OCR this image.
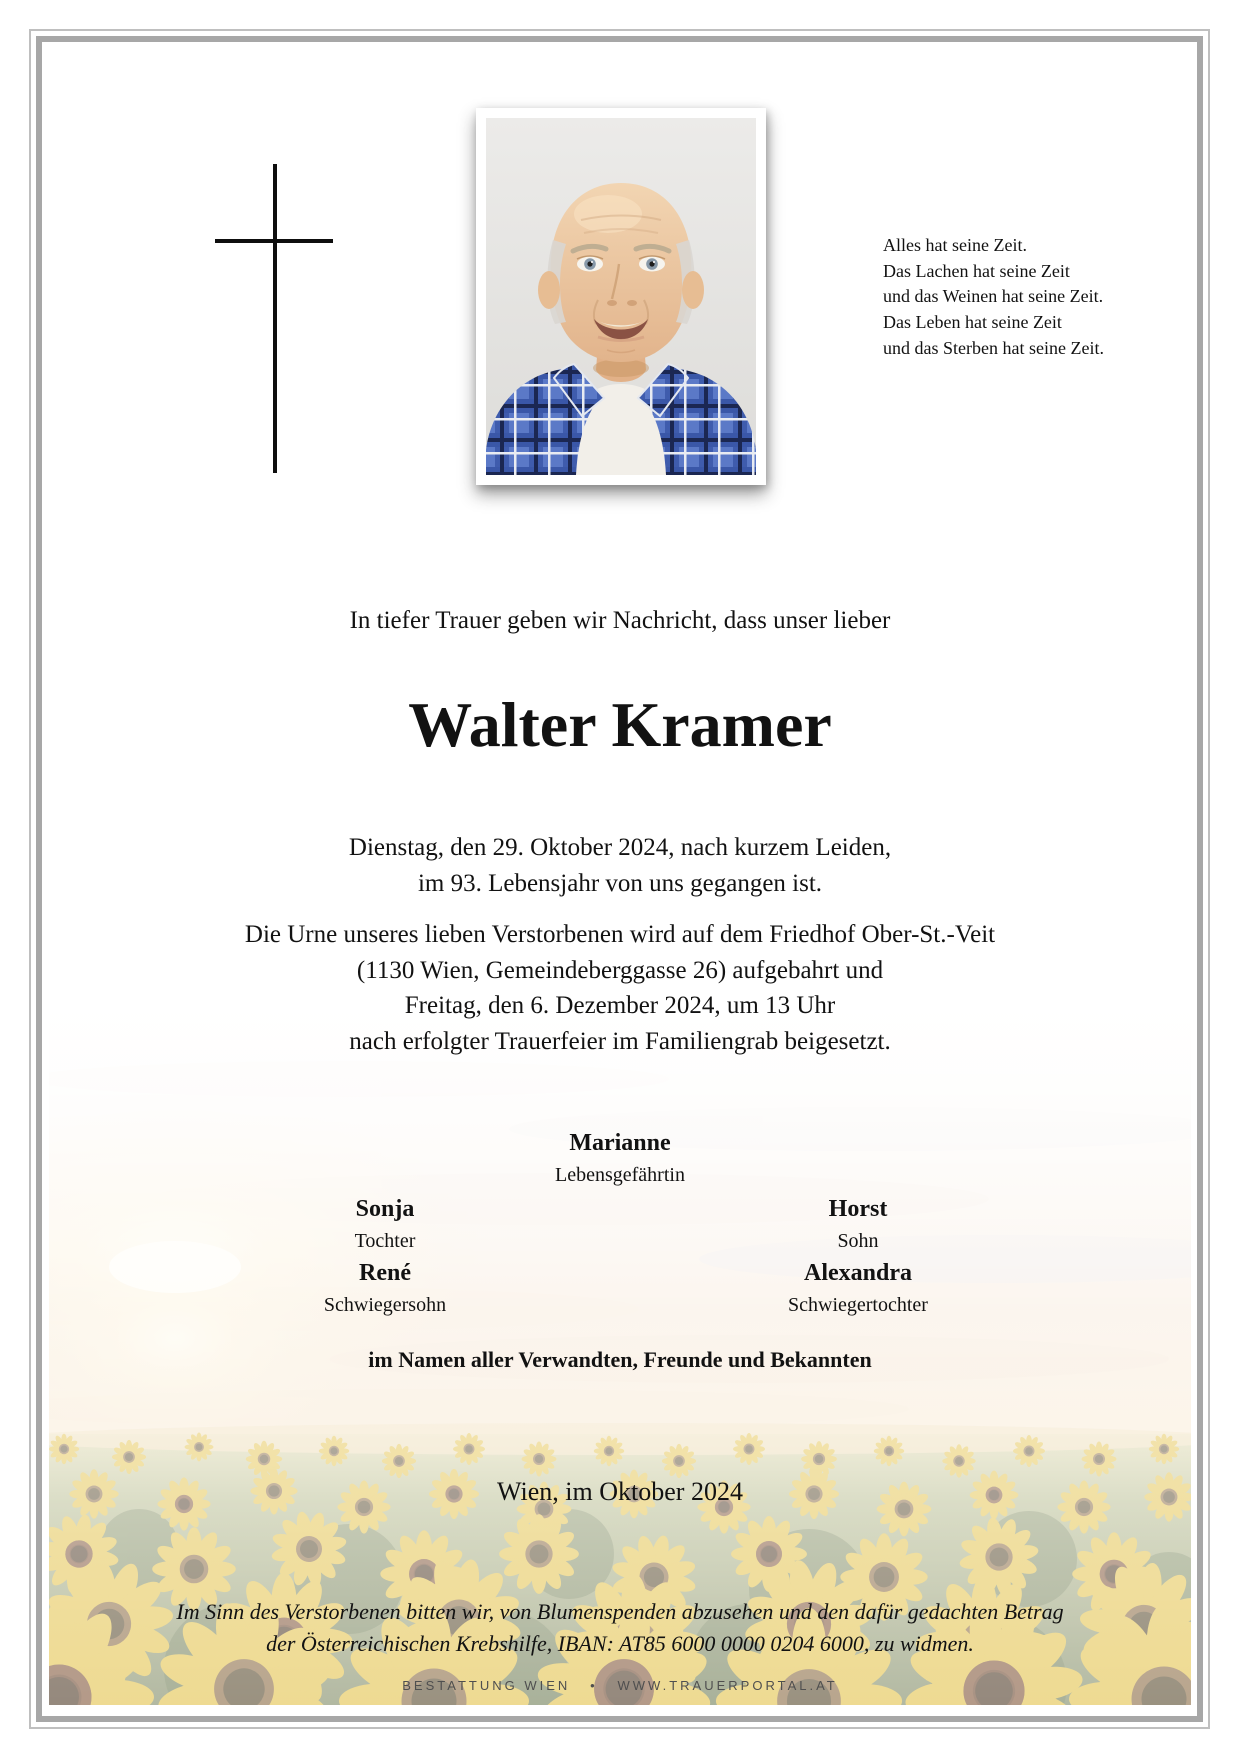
Alles hat seine Zeit.
Das Lachen hat seine Zeit
und das Weinen hat seine Zeit.
Das Leben hat seine Zeit
und das Sterben hat seine Zeit.
In tiefer Trauer geben wir Nachricht, dass unser lieber
Walter Kramer
Dienstag, den 29. Oktober 2024, nach kurzem Leiden,
im 93. Lebensjahr von uns gegangen ist.
Die Urne unseres lieben Verstorbenen wird auf dem Friedhof Ober-St.-Veit
(1130 Wien, Gemeindeberggasse 26) aufgebahrt und
Freitag, den 6. Dezember 2024, um 13 Uhr
nach erfolgter Trauerfeier im Familiengrab beigesetzt.
Marianne
Lebensgefährtin
Sonja
Tochter
René
Schwiegersohn
Horst
Sohn
Alexandra
Schwiegertochter
im Namen aller Verwandten, Freunde und Bekannten
Wien, im Oktober 2024
Im Sinn des Verstorbenen bitten wir, von Blumenspenden abzusehen und den dafür gedachten Betrag
der Österreichischen Krebshilfe, IBAN: AT85 6000 0000 0204 6000, zu widmen.
BESTATTUNG WIEN   •   WWW.TRAUERPORTAL.AT
